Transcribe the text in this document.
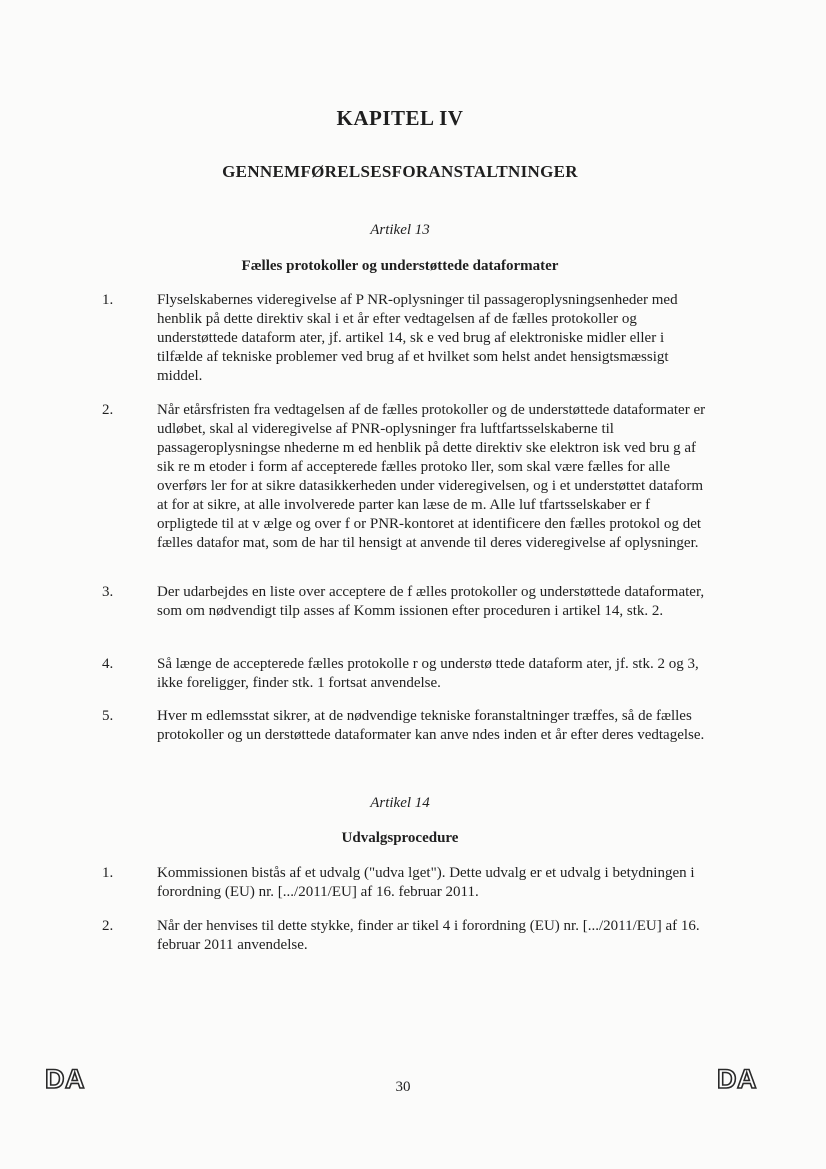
KAPITEL IV
GENNEMFØRELSESFORANSTALTNINGER
Artikel 13
Fælles protokoller og understøttede dataformater
1.	Flyselskabernes videregivelse af P NR-oplysninger til passageroplysningsenheder med henblik på dette direktiv skal i et år efter vedtagelsen af de fælles protokoller og understøttede dataform ater, jf. artikel 14, sk e ved brug af elektroniske midler eller i tilfælde af tekniske problemer ved brug af et hvilket som helst andet hensigtsmæssigt middel.
2.	Når etårsfristen fra vedtagelsen af de fælles protokoller og de understøttede dataformater er udløbet, skal al videregivelse af PNR-oplysninger fra luftfartsselskaberne til passageroplysningse nhederne m ed henblik på dette direktiv ske elektron isk ved bru g af sik re m etoder i form af accepterede fælles protoko ller, som skal være fælles for alle overførs ler for at sikre datasikkerheden under videregivelsen, og i et understøttet dataform at for at sikre, at alle involverede parter kan læse de m. Alle luf tfartsselskaber er f orpligtede til at v ælge og over f or PNR-kontoret at identificere den fælles protokol og det fælles datafor mat, som de har til hensigt at anvende til deres videregivelse af oplysninger.
3.	Der udarbejdes en liste over acceptere de f ælles protokoller og understøttede dataformater, som om nødvendigt tilp asses af Komm issionen efter proceduren i artikel 14, stk. 2.
4.	Så længe de accepterede fælles protokolle r og understø ttede dataform ater, jf. stk. 2 og 3, ikke foreligger, finder stk. 1 fortsat anvendelse.
5.	Hver m edlemsstat sikrer, at de nødvendige tekniske foranstaltninger træffes, så de fælles protokoller og un derstøttede dataformater kan anve ndes inden et år efter deres vedtagelse.
Artikel 14
Udvalgsprocedure
1.	Kommissionen bistås af et udvalg ("udva lget"). Dette udvalg er et udvalg i betydningen i forordning (EU) nr. [.../2011/EU] af 16. februar 2011.
2.	Når der henvises til dette stykke, finder ar tikel 4 i forordning (EU) nr. [.../2011/EU] af 16. februar 2011 anvendelse.
DA	30	DA
